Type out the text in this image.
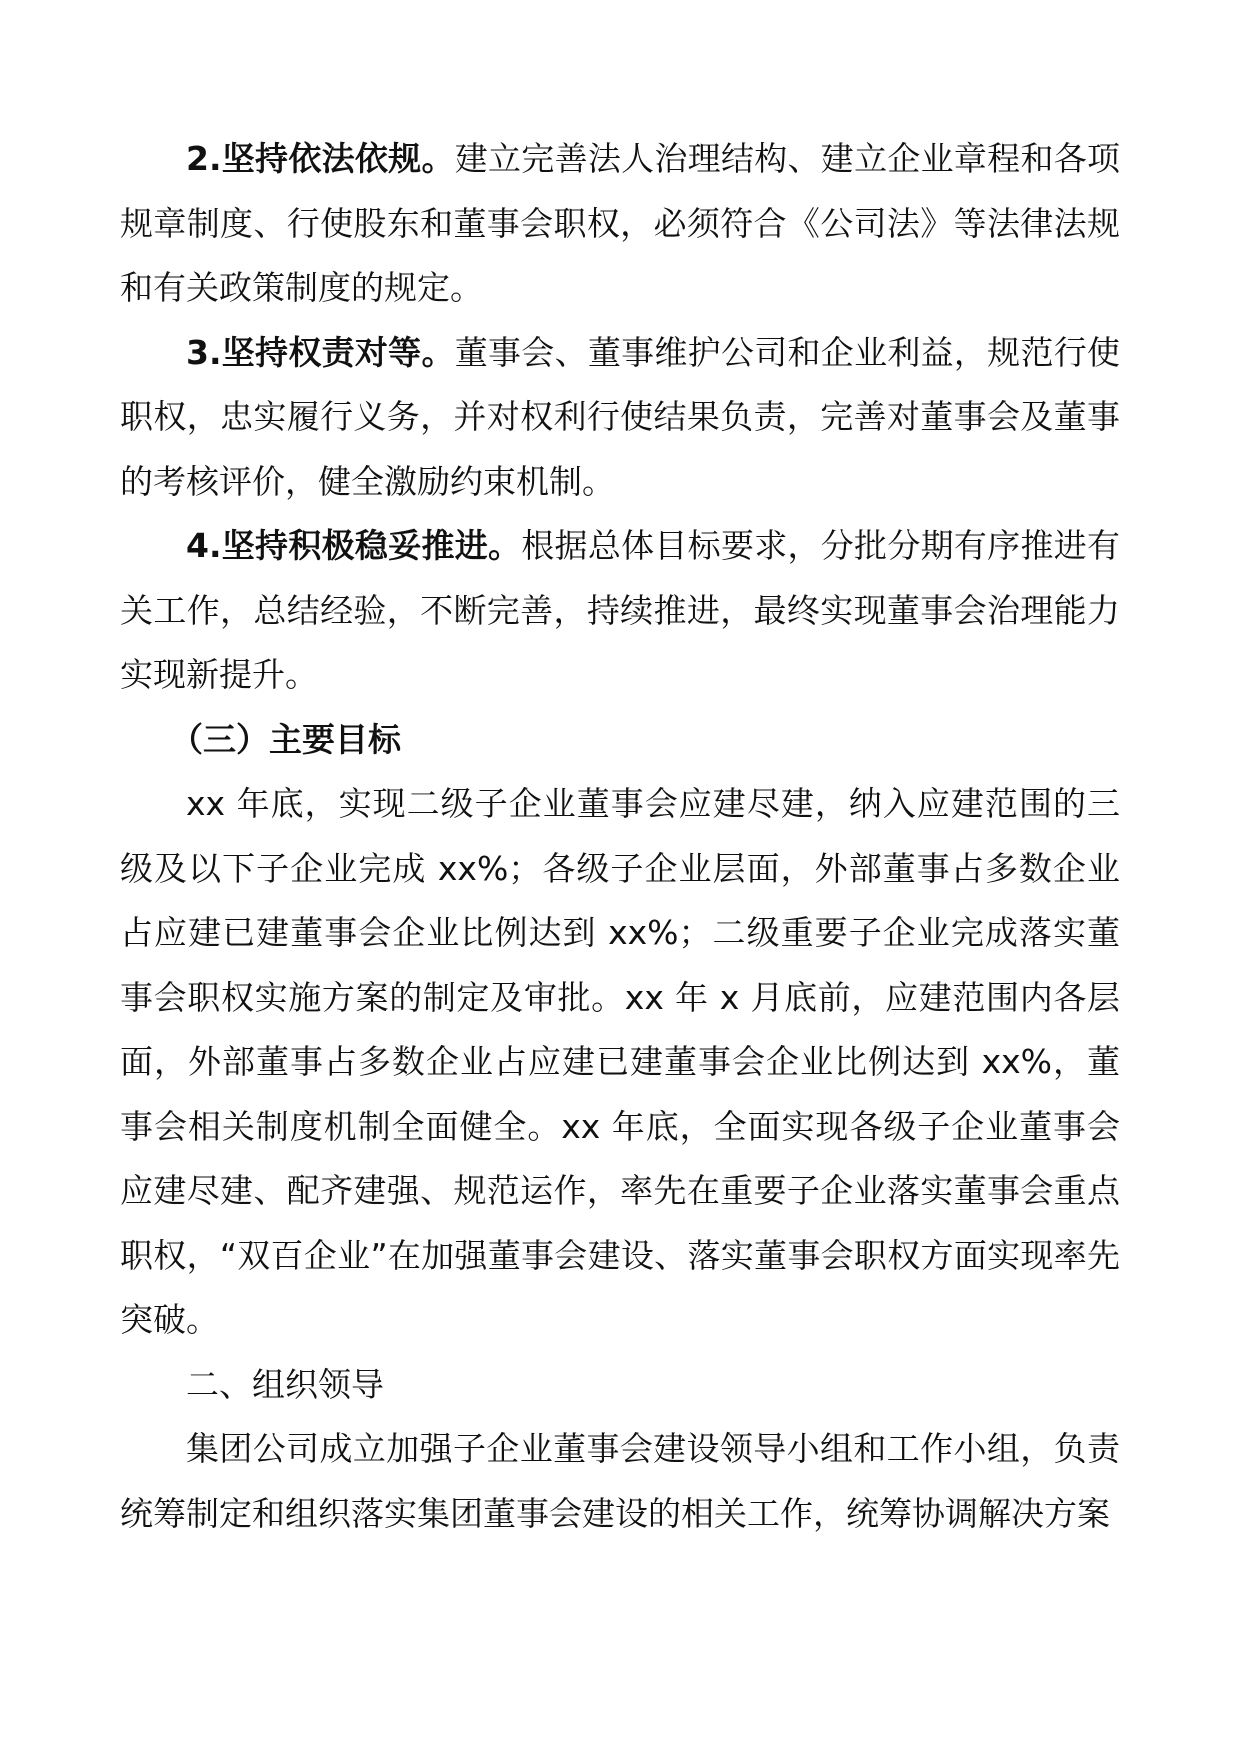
2.坚持依法依规。建立完善法人治理结构、建立企业章程和各项规章制度、行使股东和董事会职权，必须符合《公司法》等法律法规和有关政策制度的规定。

3.坚持权责对等。董事会、董事维护公司和企业利益，规范行使职权，忠实履行义务，并对权利行使结果负责，完善对董事会及董事的考核评价，健全激励约束机制。

4.坚持积极稳妥推进。根据总体目标要求，分批分期有序推进有关工作，总结经验，不断完善，持续推进，最终实现董事会治理能力实现新提升。

（三）主要目标

xx 年底，实现二级子企业董事会应建尽建，纳入应建范围的三级及以下子企业完成 xx%；各级子企业层面，外部董事占多数企业占应建已建董事会企业比例达到 xx%；二级重要子企业完成落实董事会职权实施方案的制定及审批。xx 年 x 月底前，应建范围内各层面，外部董事占多数企业占应建已建董事会企业比例达到 xx%，董事会相关制度机制全面健全。xx 年底，全面实现各级子企业董事会应建尽建、配齐建强、规范运作，率先在重要子企业落实董事会重点职权，“双百企业”在加强董事会建设、落实董事会职权方面实现率先突破。

二、组织领导

集团公司成立加强子企业董事会建设领导小组和工作小组，负责统筹制定和组织落实集团董事会建设的相关工作，统筹协调解决方案
